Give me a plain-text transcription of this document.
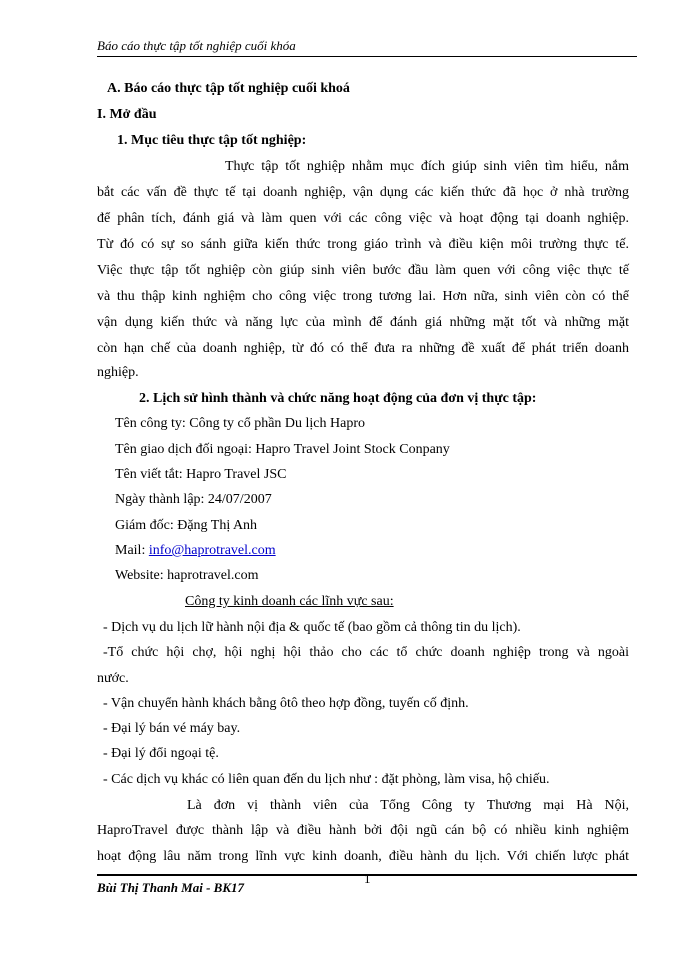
Báo cáo thực tập tốt nghiệp cuối khóa
A. Báo cáo thực tập tốt nghiệp cuối khoá
I. Mở đầu
1. Mục tiêu thực tập tốt nghiệp:
Thực tập tốt nghiệp nhằm mục đích giúp sinh viên tìm hiểu, nắm
bắt các vấn đề thực tế tại doanh nghiệp, vận dụng các kiến thức đã học ở nhà trường
để phân tích, đánh giá và làm quen với các công việc và hoạt động tại doanh nghiệp.
Từ đó có sự so sánh giữa kiến thức trong giáo trình và điều kiện môi trường thực tế.
Việc thực tập tốt nghiệp còn giúp sinh viên bước đầu làm quen với công việc thực tế
và thu thập kinh nghiệm cho công việc trong tương lai. Hơn nữa, sinh viên còn có thể
vận dụng kiến thức và năng lực của mình để đánh giá những mặt tốt và những mặt
còn hạn chế của doanh nghiệp, từ đó có thể đưa ra những đề xuất để phát triển doanh
nghiệp.
2. Lịch sử hình thành và chức năng hoạt động của đơn vị thực tập:
Tên công ty: Công ty cổ phần Du lịch Hapro
Tên giao dịch đối ngoại: Hapro Travel Joint Stock Conpany
Tên viết tắt: Hapro Travel JSC
Ngày thành lập: 24/07/2007
Giám đốc: Đặng Thị Anh
Mail: info@haprotravel.com
Website: haprotravel.com
Công ty kinh doanh các lĩnh vực sau:
- Dịch vụ du lịch lữ hành nội địa & quốc tế (bao gồm cả thông tin du lịch).
-Tổ chức hội chợ, hội nghị hội thảo cho các tổ chức doanh nghiệp trong và ngoài
nước.
- Vận chuyển hành khách bằng ôtô theo hợp đồng, tuyến cố định.
- Đại lý bán vé máy bay.
- Đại lý đổi ngoại tệ.
- Các dịch vụ khác có liên quan đến du lịch như : đặt phòng, làm visa, hộ chiếu.
Là đơn vị thành viên của Tổng Công ty Thương mại Hà Nội,
HaproTravel được thành lập và điều hành bởi đội ngũ cán bộ có nhiều kinh nghiệm
hoạt động lâu năm trong lĩnh vực kinh doanh, điều hành du lịch. Với chiến lược phát
Bùi Thị Thanh Mai - BK17
1
